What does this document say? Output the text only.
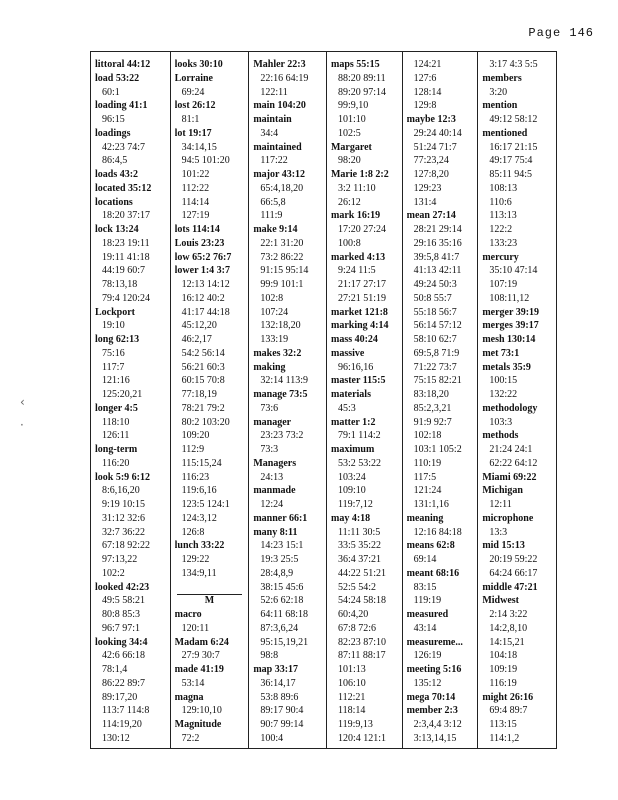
Page 146
‹
·
littoral 44:12
load 53:22
60:1
loading 41:1
96:15
loadings
42:23 74:7
86:4,5
loads 43:2
located 35:12
locations
18:20 37:17
lock 13:24
18:23 19:11
19:11 41:18
44:19 60:7
78:13,18
79:4 120:24
Lockport
19:10
long 62:13
75:16
117:7
121:16
125:20,21
longer 4:5
118:10
126:11
long-term
116:20
look 5:9 6:12
8:6,16,20
9:19 10:15
31:12 32:6
32:7 36:22
67:18 92:22
97:13,22
102:2
looked 42:23
49:5 58:21
80:8 85:3
96:7 97:1
looking 34:4
42:6 66:18
78:1,4
86:22 89:7
89:17,20
113:7 114:8
114:19,20
130:12
looks 30:10
Lorraine
69:24
lost 26:12
81:1
lot 19:17
34:14,15
94:5 101:20
101:22
112:22
114:14
127:19
lots 114:14
Louis 23:23
low 65:2 76:7
lower 1:4 3:7
12:13 14:12
16:12 40:2
41:17 44:18
45:12,20
46:2,17
54:2 56:14
56:21 60:3
60:15 70:8
77:18,19
78:21 79:2
80:2 103:20
109:20
112:9
115:15,24
116:23
119:6,16
123:5 124:1
124:3,12
126:8
lunch 33:22
129:22
134:9,11
M
macro
120:11
Madam 6:24
27:9 30:7
made 41:19
53:14
magna
129:10,10
Magnitude
72:2
Mahler 22:3
22:16 64:19
122:11
main 104:20
maintain
34:4
maintained
117:22
major 43:12
65:4,18,20
66:5,8
111:9
make 9:14
22:1 31:20
73:2 86:22
91:15 95:14
99:9 101:1
102:8
107:24
132:18,20
133:19
makes 32:2
making
32:14 113:9
manage 73:5
73:6
manager
23:23 73:2
73:3
Managers
24:13
manmade
12:24
manner 66:1
many 8:11
14:23 15:1
19:3 25:5
28:4,8,9
38:15 45:6
52:6 62:18
64:11 68:18
87:3,6,24
95:15,19,21
98:8
map 33:17
36:14,17
53:8 89:6
89:17 90:4
90:7 99:14
100:4
maps 55:15
88:20 89:11
89:20 97:14
99:9,10
101:10
102:5
Margaret
98:20
Marie 1:8 2:2
3:2 11:10
26:12
mark 16:19
17:20 27:24
100:8
marked 4:13
9:24 11:5
21:17 27:17
27:21 51:19
market 121:8
marking 4:14
mass 40:24
massive
96:16,16
master 115:5
materials
45:3
matter 1:2
79:1 114:2
maximum
53:2 53:22
103:24
109:10
119:7,12
may 4:18
11:11 30:5
33:5 35:22
36:4 37:21
44:22 51:21
52:5 54:2
54:24 58:18
60:4,20
67:8 72:6
82:23 87:10
87:11 88:17
101:13
106:10
112:21
118:14
119:9,13
120:4 121:1
124:21
127:6
128:14
129:8
maybe 12:3
29:24 40:14
51:24 71:7
77:23,24
127:8,20
129:23
131:4
mean 27:14
28:21 29:14
29:16 35:16
39:5,8 41:7
41:13 42:11
49:24 50:3
50:8 55:7
55:18 56:7
56:14 57:12
58:10 62:7
69:5,8 71:9
71:22 73:7
75:15 82:21
83:18,20
85:2,3,21
91:9 92:7
102:18
103:1 105:2
110:19
117:5
121:24
131:1,16
meaning
12:16 84:18
means 62:8
69:14
meant 68:16
83:15
119:19
measured
43:14
measureme...
126:19
meeting 5:16
135:12
mega 70:14
member 2:3
2:3,4,4 3:12
3:13,14,15
3:17 4:3 5:5
members
3:20
mention
49:12 58:12
mentioned
16:17 21:15
49:17 75:4
85:11 94:5
108:13
110:6
113:13
122:2
133:23
mercury
35:10 47:14
107:19
108:11,12
merger 39:19
merges 39:17
mesh 130:14
met 73:1
metals 35:9
100:15
132:22
methodology
103:3
methods
21:24 24:1
62:22 64:12
Miami 69:22
Michigan
12:11
microphone
13:3
mid 15:13
20:19 59:22
64:24 66:17
middle 47:21
Midwest
2:14 3:22
14:2,8,10
14:15,21
104:18
109:19
116:19
might 26:16
69:4 89:7
113:15
114:1,2
